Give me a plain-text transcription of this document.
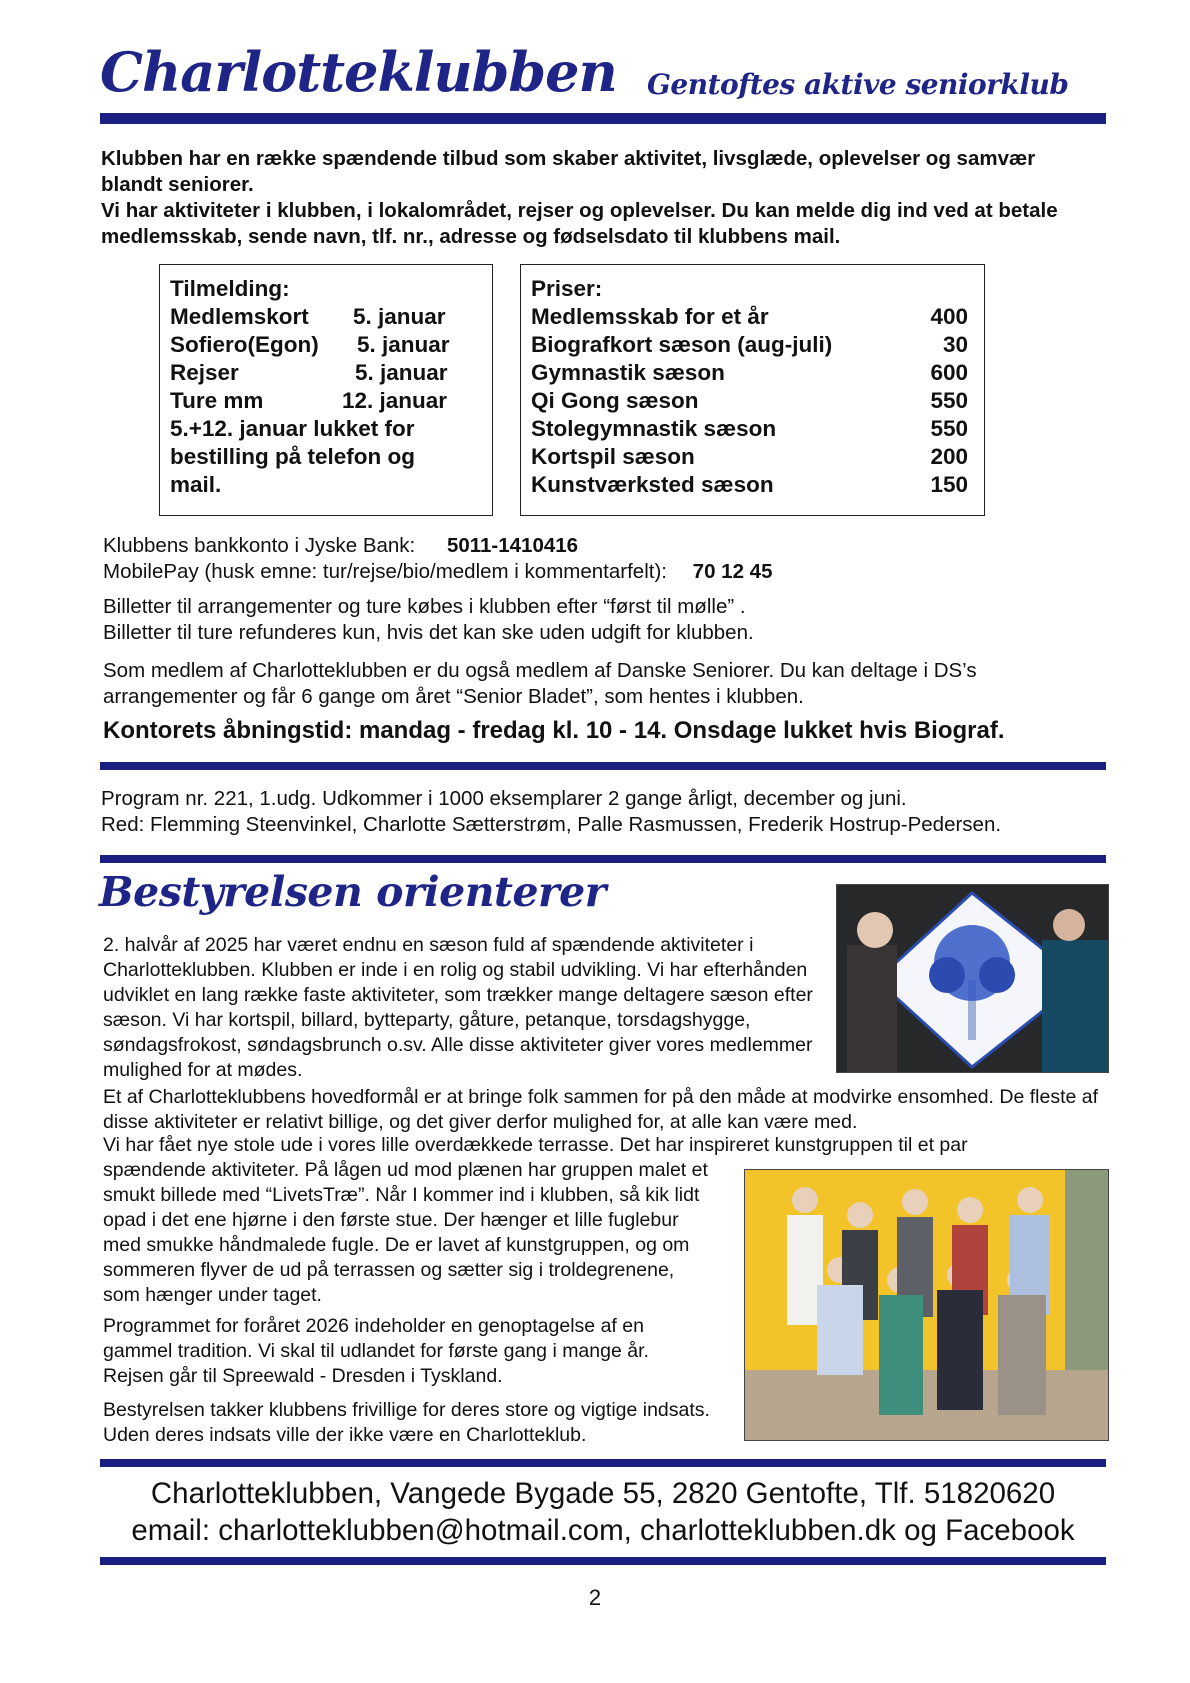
Charlotteklubben Gentoftes aktive seniorklub
Klubben har en række spændende tilbud som skaber aktivitet, livsglæde, oplevelser og samvær blandt seniorer.
Vi har aktiviteter i klubben, i lokalområdet, rejser og oplevelser. Du kan melde dig ind ved at betale medlemsskab, sende navn, tlf. nr., adresse og fødselsdato til klubbens mail.
Tilmelding:
Medlemskort	5. januar
Sofiero(Egon)	5. januar
Rejser	5. januar
Ture mm	12. januar
5.+12. januar lukket for bestilling på telefon og mail.
Priser:
Medlemsskab for et år	400
Biografkort sæson (aug-juli)	30
Gymnastik sæson	600
Qi Gong sæson	550
Stolegymnastik sæson	550
Kortspil sæson	200
Kunstværksted sæson	150
Klubbens bankkonto i Jyske Bank: 5011-1410416
MobilePay (husk emne: tur/rejse/bio/medlem i kommentarfelt): 70 12 45
Billetter til arrangementer og ture købes i klubben efter “først til mølle” .
Billetter til ture refunderes kun, hvis det kan ske uden udgift for klubben.
Som medlem af Charlotteklubben er du også medlem af Danske Seniorer. Du kan deltage i DS’s arrangementer og får 6 gange om året “Senior Bladet”, som hentes i klubben.
Kontorets åbningstid: mandag - fredag kl. 10 - 14. Onsdage lukket hvis Biograf.
Program nr. 221, 1.udg. Udkommer i 1000 eksemplarer 2 gange årligt, december og juni.
Red: Flemming Steenvinkel, Charlotte Sætterstrøm, Palle Rasmussen, Frederik Hostrup-Pedersen.
Bestyrelsen orienterer
2. halvår af 2025 har været endnu en sæson fuld af spændende aktiviteter i Charlotteklubben. Klubben er inde i en rolig og stabil udvikling. Vi har efterhånden udviklet en lang række faste aktiviteter, som trækker mange deltagere sæson efter sæson. Vi har kortspil, billard, bytteparty, gåture, petanque, torsdagshygge, søndagsfrokost, søndagsbrunch o.sv. Alle disse aktiviteter giver vores medlemmer mulighed for at mødes.
Et af Charlotteklubbens hovedformål er at bringe folk sammen for på den måde at modvirke ensomhed. De fleste af disse aktiviteter er relativt billige, og det giver derfor mulighed for, at alle kan være med.
Vi har fået nye stole ude i vores lille overdækkede terrasse. Det har inspireret kunstgruppen til et par
spændende aktiviteter. På lågen ud mod plænen har gruppen malet et smukt billede med “LivetsTræ”. Når I kommer ind i klubben, så kik lidt opad i det ene hjørne i den første stue. Der hænger et lille fuglebur med smukke håndmalede fugle. De er lavet af kunstgruppen, og om sommeren flyver de ud på terrassen og sætter sig i troldegrenene, som hænger under taget.
Programmet for foråret 2026 indeholder en genoptagelse af en gammel tradition. Vi skal til udlandet for første gang i mange år. Rejsen går til Spreewald - Dresden i Tyskland.
Bestyrelsen takker klubbens frivillige for deres store og vigtige indsats. Uden deres indsats ville der ikke være en Charlotteklub.
Charlotteklubben, Vangede Bygade 55, 2820 Gentofte, Tlf. 51820620
email: charlotteklubben@hotmail.com, charlotteklubben.dk og Facebook
2
